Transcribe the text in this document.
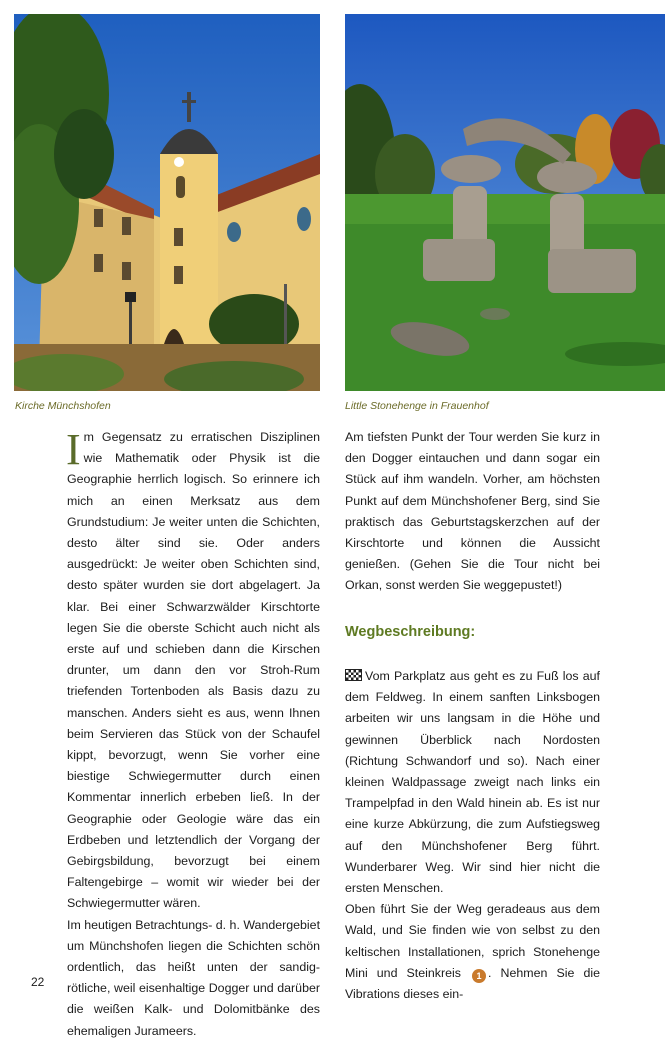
Kirche Münchshofen	Little Stonehenge in Frauenhof

Im Gegensatz zu erratischen Disziplinen wie Mathematik oder Physik ist die Geographie herrlich logisch. So erinnere ich mich an einen Merksatz aus dem Grundstudium: Je weiter unten die Schichten, desto älter sind sie. Oder anders ausgedrückt: Je weiter oben Schichten sind, desto später wurden sie dort abgelagert. Ja klar. Bei einer Schwarzwälder Kirschtorte legen Sie die oberste Schicht auch nicht als erste auf und schieben dann die Kirschen drunter, um dann den vor Stroh-Rum triefenden Tortenboden als Basis dazu zu manschen. Anders sieht es aus, wenn Ihnen beim Servieren das Stück von der Schaufel kippt, bevorzugt, wenn Sie vorher eine biestige Schwiegermutter durch einen Kommentar innerlich erbeben ließ. In der Geographie oder Geologie wäre das ein Erdbeben und letztendlich der Vorgang der Gebirgsbildung, bevorzugt bei einem Faltengebirge – womit wir wieder bei der Schwiegermutter wären.

Im heutigen Betrachtungs- d. h. Wandergebiet um Münchshofen liegen die Schichten schön ordentlich, das heißt unten der sandig-rötliche, weil eisenhaltige Dogger und darüber die weißen Kalk- und Dolomitbänke des ehemaligen Jurameers.

Am tiefsten Punkt der Tour werden Sie kurz in den Dogger eintauchen und dann sogar ein Stück auf ihm wandeln. Vorher, am höchsten Punkt auf dem Münchshofener Berg, sind Sie praktisch das Geburtstagskerzchen auf der Kirschtorte und können die Aussicht genießen. (Gehen Sie die Tour nicht bei Orkan, sonst werden Sie weggepustet!)

Wegbeschreibung:

Vom Parkplatz aus geht es zu Fuß los auf dem Feldweg. In einem sanften Linksbogen arbeiten wir uns langsam in die Höhe und gewinnen Überblick nach Nordosten (Richtung Schwandorf und so). Nach einer kleinen Waldpassage zweigt nach links ein Trampelpfad in den Wald hinein ab. Es ist nur eine kurze Abkürzung, die zum Aufstiegsweg auf den Münchshofener Berg führt. Wunderbarer Weg. Wir sind hier nicht die ersten Menschen.

Oben führt Sie der Weg geradeaus aus dem Wald, und Sie finden wie von selbst zu den keltischen Installationen, sprich Stonehenge Mini und Steinkreis 1 . Nehmen Sie die Vibrations dieses ein-

22
